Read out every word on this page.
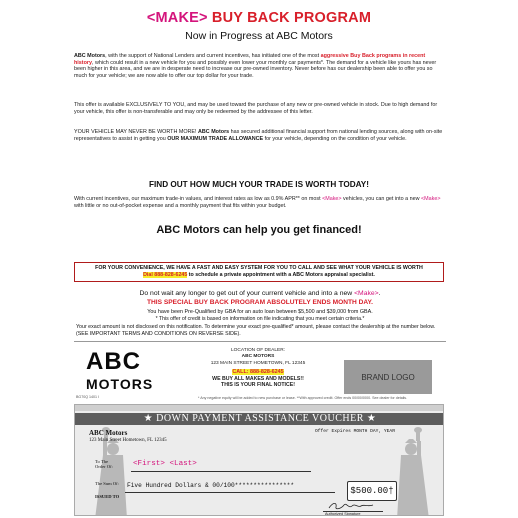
<MAKE> BUY BACK PROGRAM
Now in Progress at ABC Motors
ABC Motors, with the support of National Lenders and current incentives, has initiated one of the most aggressive Buy Back programs in recent history, which could result in a new vehicle for you and possibly even lower your monthly car payments*. The demand for a vehicle like yours has never been higher in this area, and we are in desperate need to increase our pre-owned inventory. Never before has our dealership been able to offer you so much for your vehicle; we are now able to offer our top dollar for your trade.
This offer is available EXCLUSIVELY TO YOU, and may be used toward the purchase of any new or pre-owned vehicle in stock. Due to high demand for your vehicle, this offer is non-transferable and may only be redeemed by the addressee of this letter.
YOUR VEHICLE MAY NEVER BE WORTH MORE! ABC Motors has secured additional financial support from national lending sources, along with on-site representatives to assist in getting you OUR MAXIMUM TRADE ALLOWANCE for your vehicle, depending on the condition of your vehicle.
FIND OUT HOW MUCH YOUR TRADE IS WORTH TODAY!
With current incentives, our maximum trade-in values, and interest rates as low as 0.9% APR** on most <Make> vehicles, you can get into a new <Make> with little or no out-of-pocket expense and a monthly payment that fits within your budget.
ABC Motors can help you get financed!
FOR YOUR CONVENIENCE, WE HAVE A FAST AND EASY SYSTEM FOR YOU TO CALL AND SEE WHAT YOUR VEHICLE IS WORTH
Dial 888-828-6245 to schedule a private appointment with a ABC Motors appraisal specialist.
Do not wait any longer to get out of your current vehicle and into a new <Make>.
THIS SPECIAL BUY BACK PROGRAM ABSOLUTELY ENDS MONTH DAY.
You have been Pre-Qualified by GBA for an auto loan between $5,500 and $39,000 from GBA.
* This offer of credit is based on information on file indicating that you meet certain criteria.*
Your exact amount is not disclosed on this notification. To determine your exact pre-qualified* amount, please contact the dealership at the number below. (SEE IMPORTANT TERMS AND CONDITIONS ON REVERSE SIDE).
ABC
MOTORS
LOCATION OF DEALER:
ABC MOTORS
123 MAIN STREET HOMETOWN, FL 12345
CALL: 888-828-6245
WE BUY ALL MAKES AND MODELS!!
THIS IS YOUR FINAL NOTICE!
BRAND LOGO
BG70Q 1401 I	* Any negative equity will be added to new purchase or lease. **With approved credit. Offer ends 00/00/0000. See dealer for details.
★ DOWN PAYMENT ASSISTANCE VOUCHER ★
ABC Motors
123 Main Street Hometown, FL 12345
Offer Expires MONTH DAY, YEAR
To The Order Of:	<First> <Last>
The Sum Of: Five Hundred Dollars & 00/100****************
ISSUED TO
$500.00†
Authorized Signature
